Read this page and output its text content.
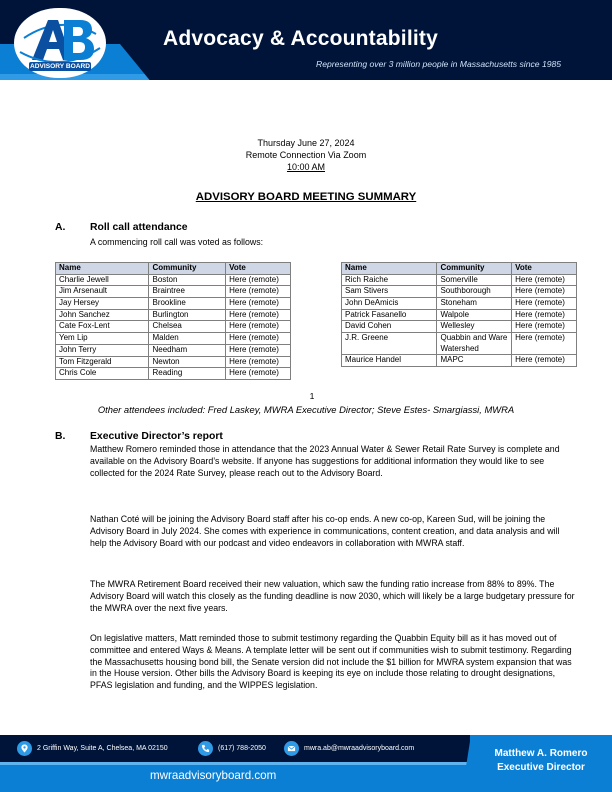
Advocacy & Accountability
Representing over 3 million people in Massachusetts since 1985
ADVISORY BOARD
Thursday June 27, 2024
Remote Connection Via Zoom
10:00 AM
ADVISORY BOARD MEETING SUMMARY
A. Roll call attendance
A commencing roll call was voted as follows:
Name	Community	Vote
Charlie Jewell	Boston	Here (remote)
Jim Arsenault	Braintree	Here (remote)
Jay Hersey	Brookline	Here (remote)
John Sanchez	Burlington	Here (remote)
Cate Fox-Lent	Chelsea	Here (remote)
Yem Lip	Malden	Here (remote)
John Terry	Needham	Here (remote)
Tom Fitzgerald	Newton	Here (remote)
Chris Cole	Reading	Here (remote)
Name	Community	Vote
Rich Raiche	Somerville	Here (remote)
Sam Stivers	Southborough	Here (remote)
John DeAmicis	Stoneham	Here (remote)
Patrick Fasanello	Walpole	Here (remote)
David Cohen	Wellesley	Here (remote)
J.R. Greene	Quabbin and Ware Watershed	Here (remote)
Maurice Handel	MAPC	Here (remote)
1
Other attendees included: Fred Laskey, MWRA Executive Director; Steve Estes- Smargiassi, MWRA
B. Executive Director’s report

Matthew Romero reminded those in attendance that the 2023 Annual Water & Sewer Retail Rate Survey is complete and available on the Advisory Board’s website. If anyone has suggestions for additional information they would like to see collected for the 2024 Rate Survey, please reach out to the Advisory Board.

Nathan Coté will be joining the Advisory Board staff after his co-op ends. A new co-op, Kareen Sud, will be joining the Advisory Board in July 2024. She comes with experience in communications, content creation, and data analysis and will help the Advisory Board with our podcast and video endeavors in collaboration with MWRA staff.

The MWRA Retirement Board received their new valuation, which saw the funding ratio increase from 88% to 89%. The Advisory Board will watch this closely as the funding deadline is now 2030, which will likely be a large budgetary pressure for the MWRA over the next five years.

On legislative matters, Matt reminded those to submit testimony regarding the Quabbin Equity bill as it has moved out of committee and entered Ways & Means. A template letter will be sent out if communities wish to submit testimony. Regarding the Massachusetts housing bond bill, the Senate version did not include the $1 billion for MWRA system expansion that was in the House version. Other bills the Advisory Board is keeping its eye on include those relating to drought designations, PFAS legislation and funding, and the WIPPES legislation.

2 Griffin Way, Suite A, Chelsea, MA 02150	(617) 788-2050	mwra.ab@mwraadvisoryboard.com
mwraadvisoryboard.com
Matthew A. Romero
Executive Director
